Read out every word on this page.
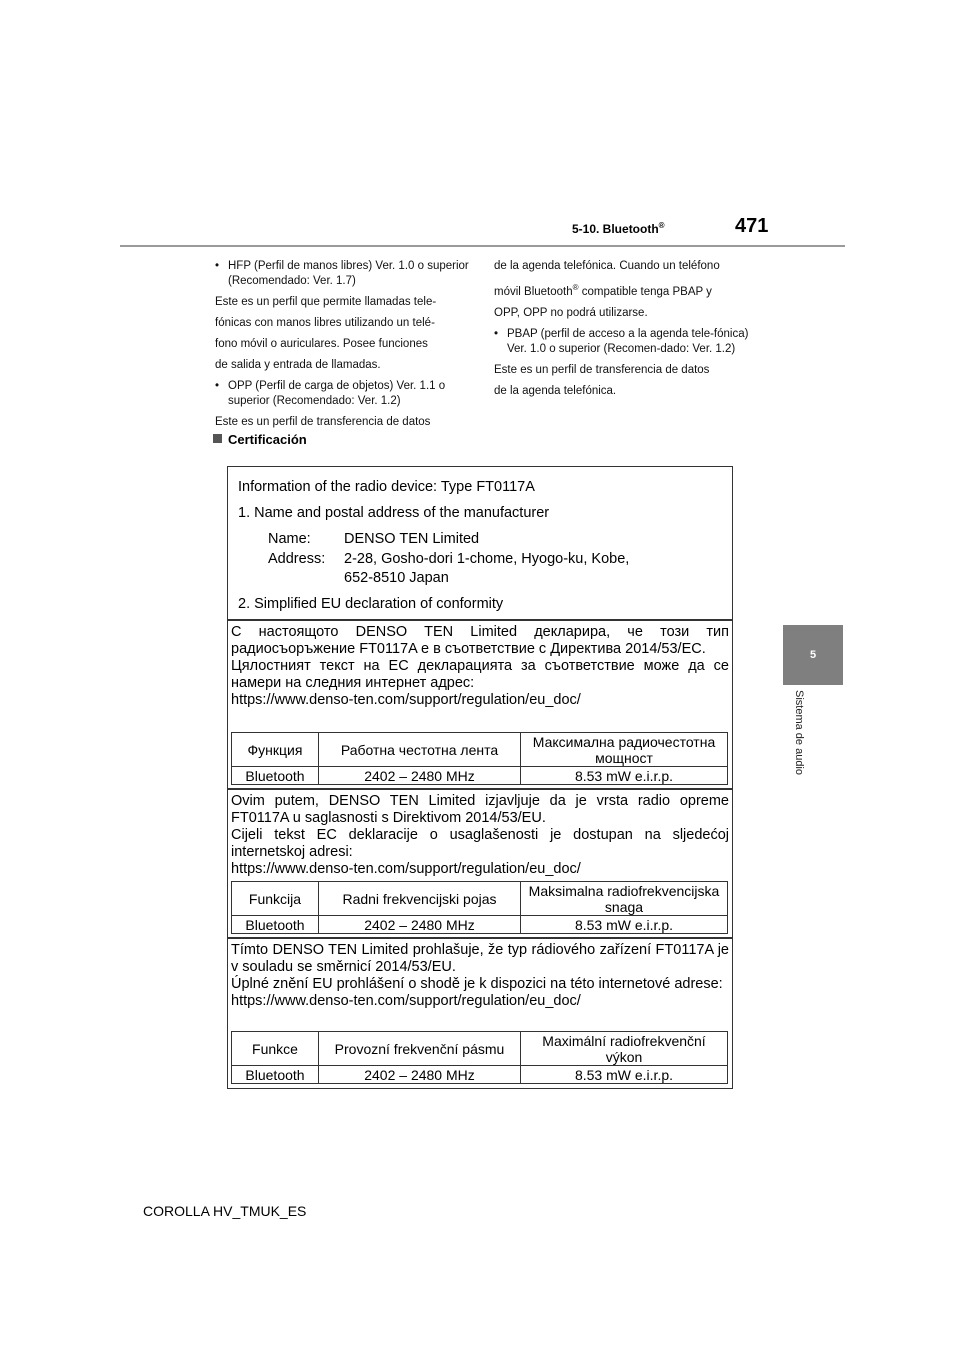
5-10. Bluetooth®	471
5
Sistema de audio
• HFP (Perfil de manos libres) Ver. 1.0 o superior (Recomendado: Ver. 1.7)

Este es un perfil que permite llamadas tele-

fónicas con manos libres utilizando un telé-

fono móvil o auriculares. Posee funciones

de salida y entrada de llamadas.

• OPP (Perfil de carga de objetos) Ver. 1.1 o superior (Recomendado: Ver. 1.2)

Este es un perfil de transferencia de datos

de la agenda telefónica. Cuando un teléfono

móvil Bluetooth® compatible tenga PBAP y

OPP, OPP no podrá utilizarse.

• PBAP (perfil de acceso a la agenda tele-fónica) Ver. 1.0 o superior (Recomen-dado: Ver. 1.2)

Este es un perfil de transferencia de datos

de la agenda telefónica.

Certificación
Information of the radio device: Type FT0117A
1. Name and postal address of the manufacturer
Name: DENSO TEN Limited
Address: 2-28, Gosho-dori 1-chome, Hyogo-ku, Kobe,
652-8510 Japan
2. Simplified EU declaration of conformity

С настоящото DENSO TEN Limited декларира, че този тип радиосъоръжение FT0117A е в съответствие с Директива 2014/53/ЕС.

Цялостният текст на ЕС декларацията за съответствие може да се намери на следния интернет адрес:

https://www.denso-ten.com/support/regulation/eu_doc/

Функция	Работна честотна лента	Максимална радиочестотна мощност
Bluetooth	2402 – 2480 MHz	8.53 mW e.i.r.p.

Ovim putem, DENSO TEN Limited izjavljuje da je vrsta radio opreme FT0117A u saglasnosti s Direktivom 2014/53/EU.

Cijeli tekst EC deklaracije o usaglašenosti je dostupan na sljedećoj internetskoj adresi:

https://www.denso-ten.com/support/regulation/eu_doc/

Funkcija	Radni frekvencijski pojas	Maksimalna radiofrekvencijska snaga
Bluetooth	2402 – 2480 MHz	8.53 mW e.i.r.p.

Tímto DENSO TEN Limited prohlašuje, že typ rádiového zařízení FT0117A je v souladu se směrnicí 2014/53/EU.

Úplné znění EU prohlášení o shodě je k dispozici na této internetové adrese:

https://www.denso-ten.com/support/regulation/eu_doc/

Funkce	Provozní frekvenční pásmu	Maximální radiofrekvenční výkon
Bluetooth	2402 – 2480 MHz	8.53 mW e.i.r.p.
COROLLA HV_TMUK_ES
